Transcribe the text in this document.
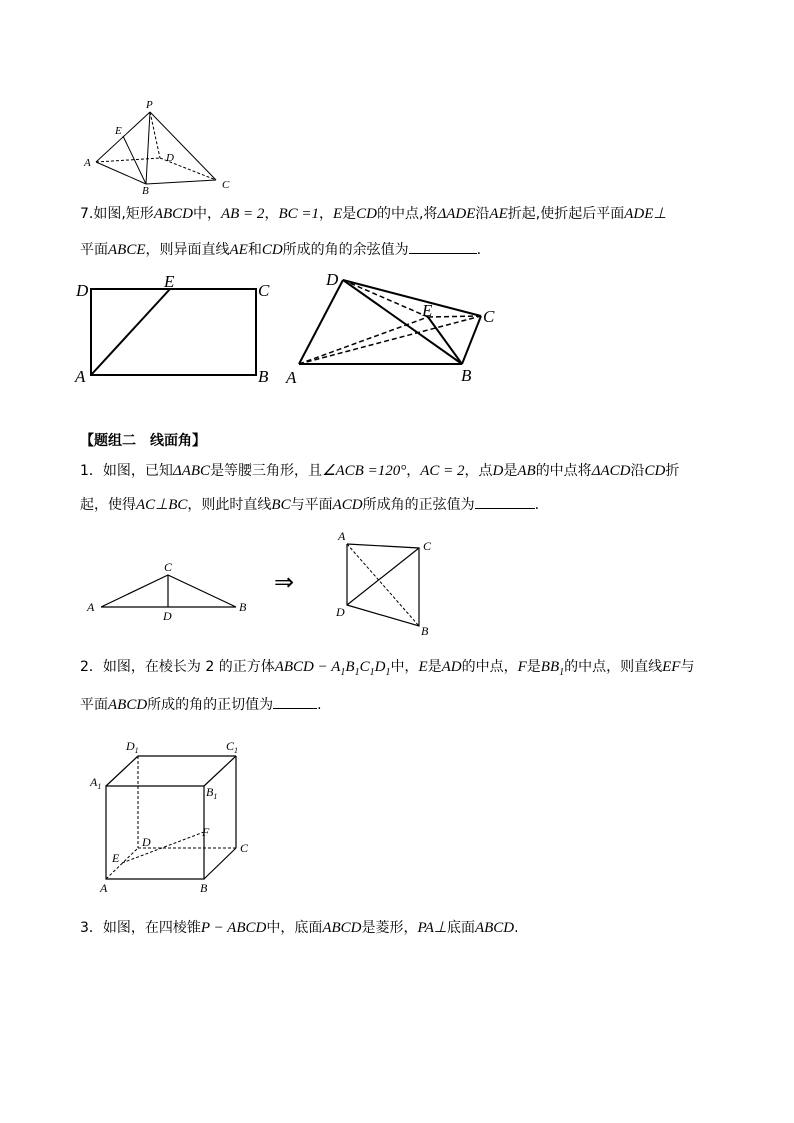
P
E
A	D
B	C
7.如图,矩形ABCD中，AB = 2，BC =1，E是CD的中点,将ΔADE沿AE折起,使折起后平面ADE⊥
平面ABCE，则异面直线AE和CD所成的角的余弦值为	.
D	E	C
A	B
D
E	C
A	B
【题组二　线面角】
1．如图，已知ΔABC是等腰三角形，且∠ACB =120°，AC = 2，点D是AB的中点将ΔACD沿CD折
起，使得AC⊥BC，则此时直线BC与平面ACD所成角的正弦值为	.
C
A
D
B
⇒
A
C
D
B
2．如图，在棱长为 2 的正方体ABCD − $A_1B_1C_1D_1$中，E是AD的中点，F是$BB_1$的中点，则直线EF与
平面ABCD所成的角的正切值为	.
$D_1$	$C_1$
$A_1$	$B_1$
D
F
E
C
A	B
3．如图，在四棱锥P − ABCD中，底面ABCD是菱形，PA⊥底面ABCD.
